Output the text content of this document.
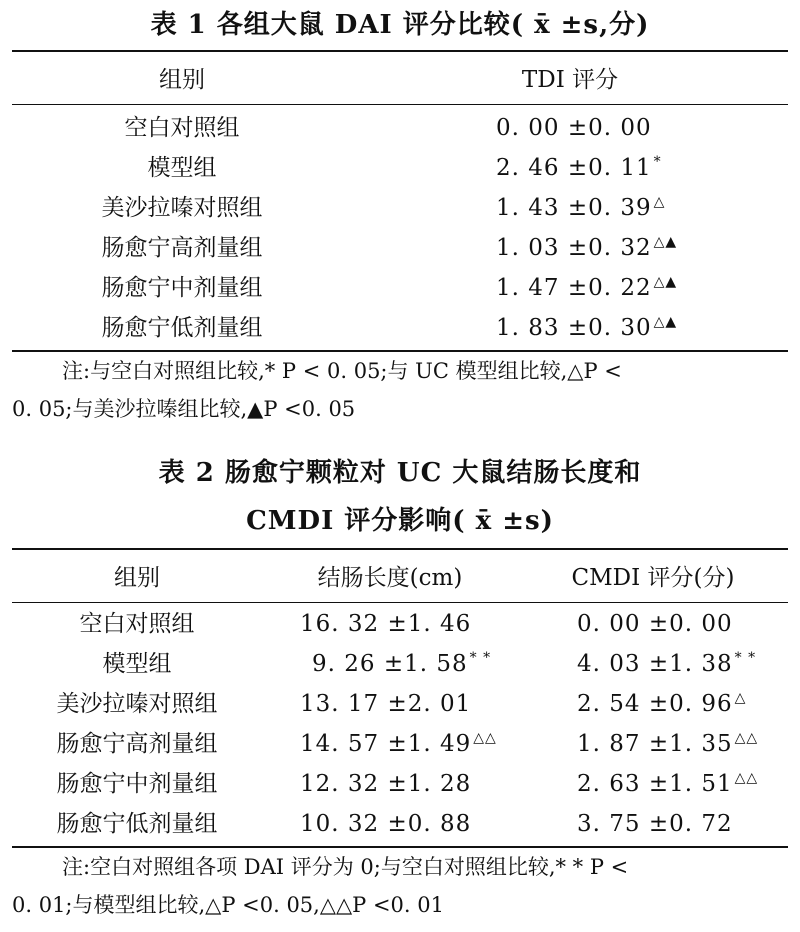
表 1 各组大鼠 DAI 评分比较( x̄ ±s,分)
组别	TDI 评分
空白对照组	0. 00 ±0. 00
模型组	2. 46 ±0. 11 *
美沙拉嗪对照组	1. 43 ±0. 39 △
肠愈宁高剂量组	1. 03 ±0. 32 △▲
肠愈宁中剂量组	1. 47 ±0. 22 △▲
肠愈宁低剂量组	1. 83 ±0. 30 △▲
注:与空白对照组比较,* P < 0. 05;与 UC 模型组比较,△P <
0. 05;与美沙拉嗪组比较,▲P <0. 05
表 2 肠愈宁颗粒对 UC 大鼠结肠长度和
CMDI 评分影响( x̄ ±s)
组别	结肠长度(cm)	CMDI 评分(分)
空白对照组	16. 32 ±1. 46	0. 00 ±0. 00
模型组	9. 26 ±1. 58 * *	4. 03 ±1. 38 * *
美沙拉嗪对照组	13. 17 ±2. 01	2. 54 ±0. 96 △
肠愈宁高剂量组	14. 57 ±1. 49 △△	1. 87 ±1. 35 △△
肠愈宁中剂量组	12. 32 ±1. 28	2. 63 ±1. 51 △△
肠愈宁低剂量组	10. 32 ±0. 88	3. 75 ±0. 72
注:空白对照组各项 DAI 评分为 0;与空白对照组比较,* * P <
0. 01;与模型组比较,△P <0. 05,△△P <0. 01
